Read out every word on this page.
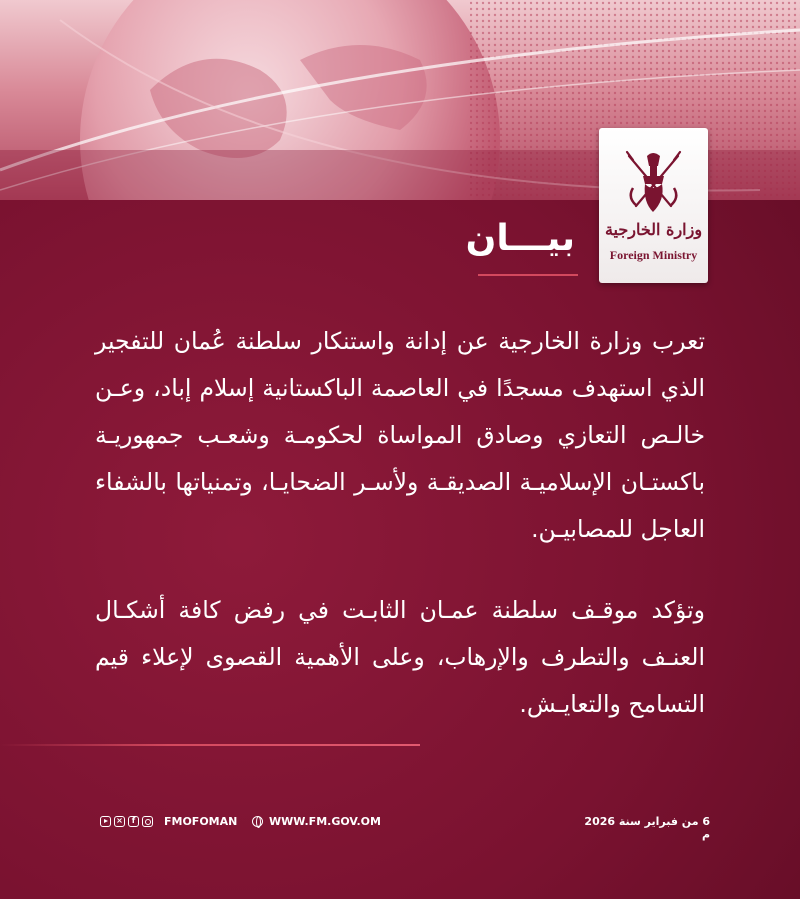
وزارة الخارجية
Foreign Ministry
بيـــان
تعرب وزارة الخارجية عن إدانة واستنكار سلطنة عُمان للتفجير الذي استهدف مسجدًا في العاصمة الباكستانية إسلام إباد، وعـن خالـص التعازي وصادق المواساة لحكومـة وشعـب جمهوريـة باكستـان الإسلاميـة الصديقـة ولأسـر الضحايـا، وتمنياتها بالشفاء العاجل للمصابيـن.
وتؤكد موقـف سلطنة عمـان الثابـت في رفض كافة أشكـال العنـف والتطرف والإرهاب، وعلى الأهمية القصوى لإعلاء قيم التسامح والتعايـش.
×	f	FMOFOMAN	WWW.FM.GOV.OM	6 من فبراير سنة 2026 م
